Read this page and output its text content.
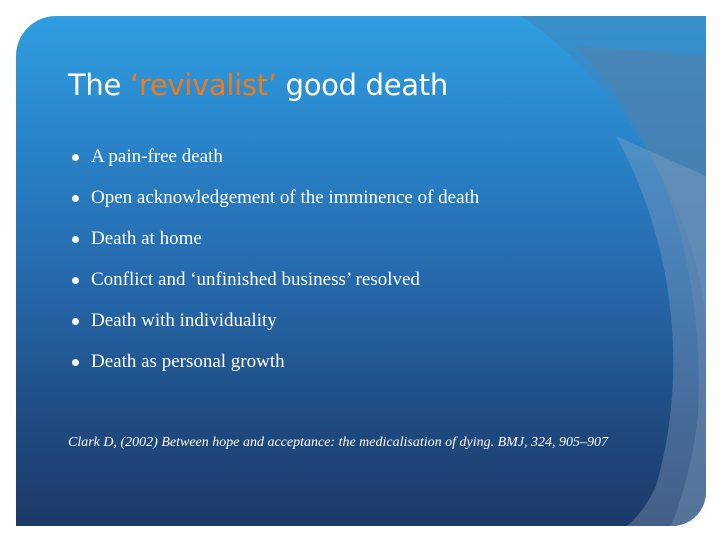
The ‘revivalist’ good death
A pain-free death
Open acknowledgement of the imminence of death
Death at home
Conflict and ‘unfinished business’ resolved
Death with individuality
Death as personal growth

Clark D, (2002) Between hope and acceptance: the medicalisation of dying. BMJ, 324, 905–907
